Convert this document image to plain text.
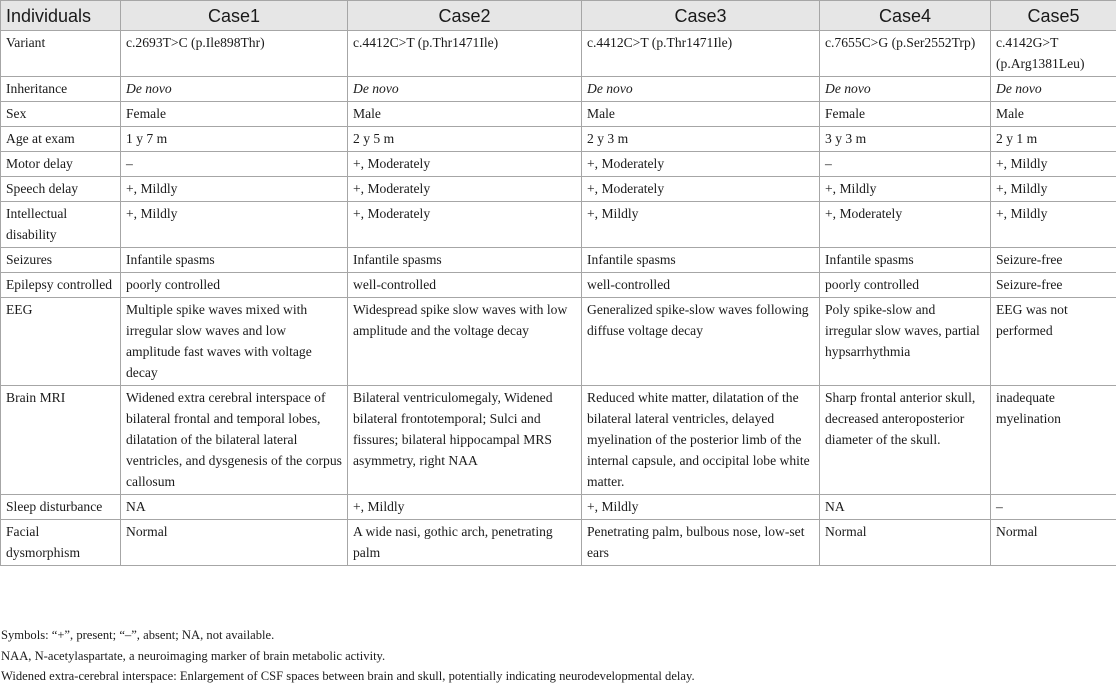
Individuals	Case1	Case2	Case3	Case4	Case5
Variant	c.2693T>C (p.Ile898Thr)	c.4412C>T (p.Thr1471Ile)	c.4412C>T (p.Thr1471Ile)	c.7655C>G (p.Ser2552Trp)	c.4142G>T (p.Arg1381Leu)
Inheritance	De novo	De novo	De novo	De novo	De novo
Sex	Female	Male	Male	Female	Male
Age at exam	1 y 7 m	2 y 5 m	2 y 3 m	3 y 3 m	2 y 1 m
Motor delay	–	+, Moderately	+, Moderately	–	+, Mildly
Speech delay	+, Mildly	+, Moderately	+, Moderately	+, Mildly	+, Mildly
Intellectual disability	+, Mildly	+, Moderately	+, Mildly	+, Moderately	+, Mildly
Seizures	Infantile spasms	Infantile spasms	Infantile spasms	Infantile spasms	Seizure-free
Epilepsy controlled	poorly controlled	well-controlled	well-controlled	poorly controlled	Seizure-free
EEG	Multiple spike waves mixed with irregular slow waves and low amplitude fast waves with voltage decay	Widespread spike slow waves with low amplitude and the voltage decay	Generalized spike-slow waves following diffuse voltage decay	Poly spike-slow and irregular slow waves, partial hypsarrhythmia	EEG was not performed
Brain MRI	Widened extra cerebral interspace of bilateral frontal and temporal lobes, dilatation of the bilateral lateral ventricles, and dysgenesis of the corpus callosum	Bilateral ventriculomegaly, Widened bilateral frontotemporal; Sulci and fissures; bilateral hippocampal MRS asymmetry, right NAA	Reduced white matter, dilatation of the bilateral lateral ventricles, delayed myelination of the posterior limb of the internal capsule, and occipital lobe white matter.	Sharp frontal anterior skull, decreased anteroposterior diameter of the skull.	inadequate myelination
Sleep disturbance	NA	+, Mildly	+, Mildly	NA	–
Facial dysmorphism	Normal	A wide nasi, gothic arch, penetrating palm	Penetrating palm, bulbous nose, low-set ears	Normal	Normal
Symbols: “+”, present; “–”, absent; NA, not available.
NAA, N-acetylaspartate, a neuroimaging marker of brain metabolic activity.
Widened extra-cerebral interspace: Enlargement of CSF spaces between brain and skull, potentially indicating neurodevelopmental delay.
